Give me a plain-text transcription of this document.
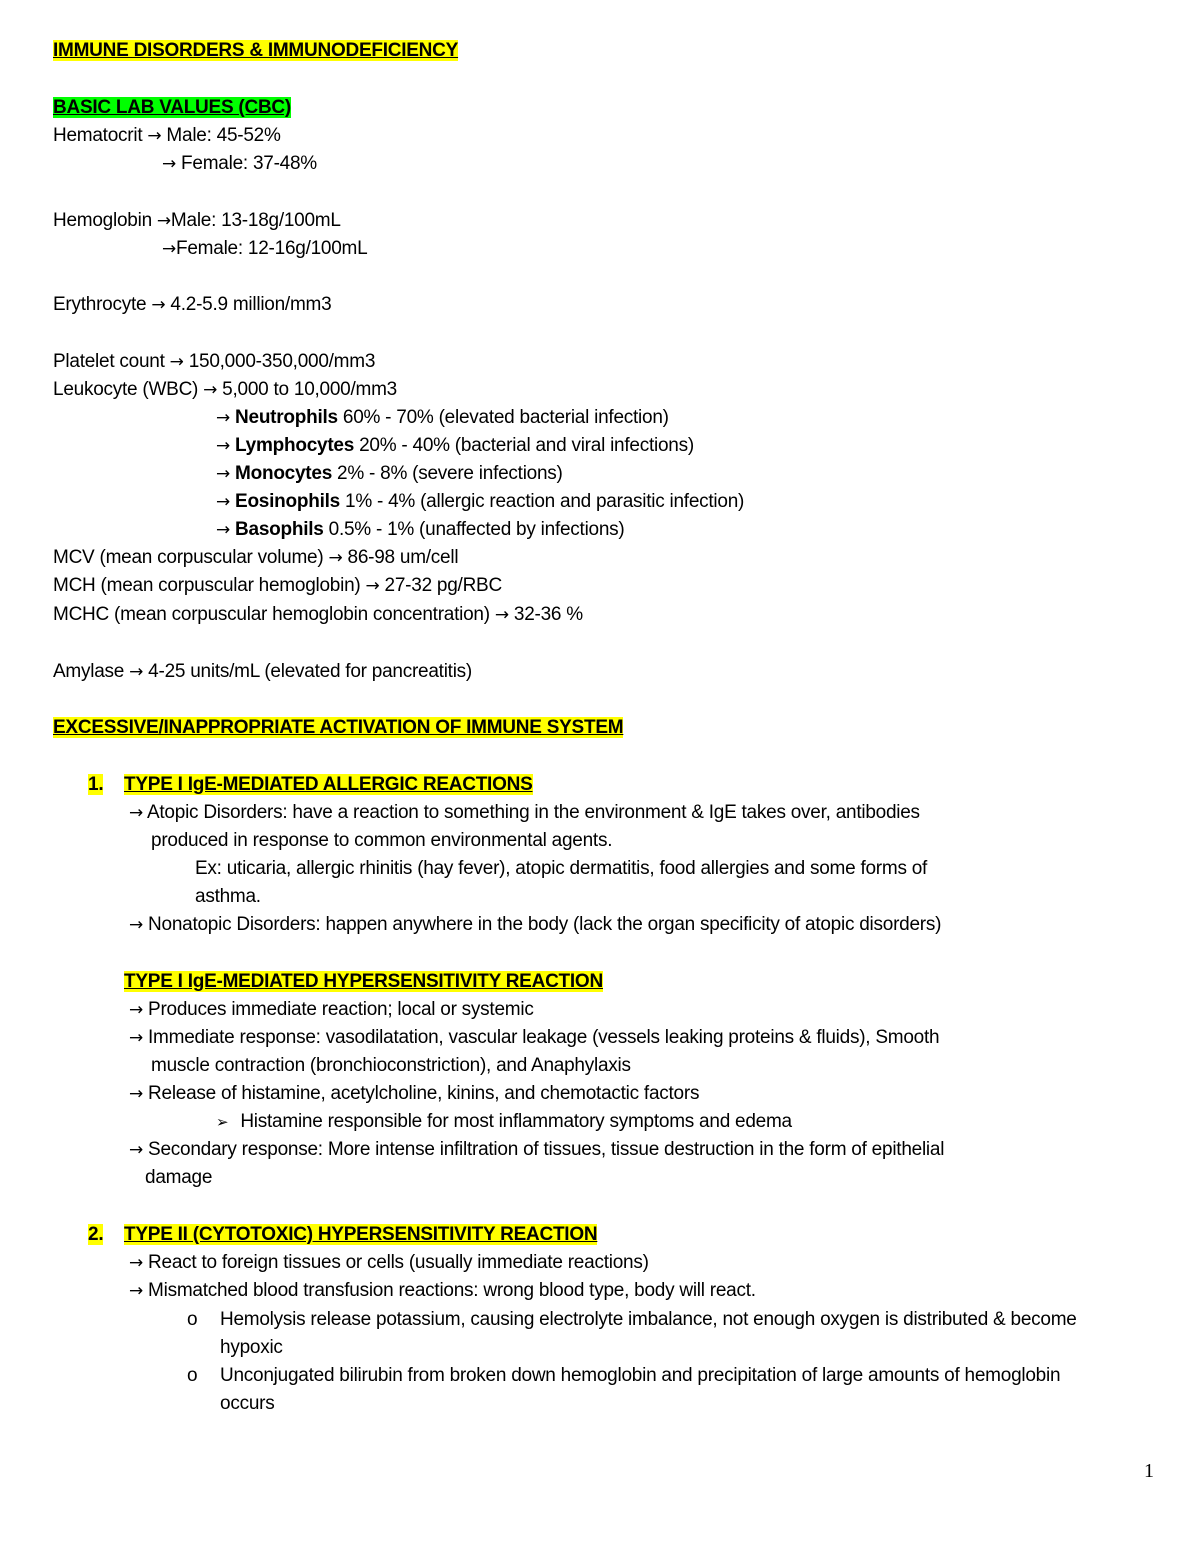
IMMUNE DISORDERS & IMMUNODEFICIENCY
BASIC LAB VALUES (CBC)
Hematocrit → Male: 45-52%
→ Female: 37-48%
Hemoglobin →Male: 13-18g/100mL
→Female: 12-16g/100mL
Erythrocyte → 4.2-5.9 million/mm3
Platelet count → 150,000-350,000/mm3
Leukocyte (WBC) → 5,000 to 10,000/mm3
→ Neutrophils 60% - 70% (elevated bacterial infection)
→ Lymphocytes 20% - 40% (bacterial and viral infections)
→ Monocytes 2% - 8% (severe infections)
→ Eosinophils 1% - 4% (allergic reaction and parasitic infection)
→ Basophils 0.5% - 1% (unaffected by infections)
MCV (mean corpuscular volume) → 86-98 um/cell
MCH (mean corpuscular hemoglobin) → 27-32 pg/RBC
MCHC (mean corpuscular hemoglobin concentration) → 32-36 %
Amylase → 4-25 units/mL (elevated for pancreatitis)
EXCESSIVE/INAPPROPRIATE ACTIVATION OF IMMUNE SYSTEM
1. TYPE I IgE-MEDIATED ALLERGIC REACTIONS
→ Atopic Disorders: have a reaction to something in the environment & IgE takes over, antibodies
produced in response to common environmental agents.
Ex: uticaria, allergic rhinitis (hay fever), atopic dermatitis, food allergies and some forms of
asthma.
→ Nonatopic Disorders: happen anywhere in the body (lack the organ specificity of atopic disorders)
TYPE I IgE-MEDIATED HYPERSENSITIVITY REACTION
→ Produces immediate reaction; local or systemic
→ Immediate response: vasodilatation, vascular leakage (vessels leaking proteins & fluids), Smooth
muscle contraction (bronchioconstriction), and Anaphylaxis
→ Release of histamine, acetylcholine, kinins, and chemotactic factors
➢ Histamine responsible for most inflammatory symptoms and edema
→ Secondary response: More intense infiltration of tissues, tissue destruction in the form of epithelial
damage
2. TYPE II (CYTOTOXIC) HYPERSENSITIVITY REACTION
→ React to foreign tissues or cells (usually immediate reactions)
→ Mismatched blood transfusion reactions: wrong blood type, body will react.
o Hemolysis release potassium, causing electrolyte imbalance, not enough oxygen is distributed & become
hypoxic
o Unconjugated bilirubin from broken down hemoglobin and precipitation of large amounts of hemoglobin
occurs
1
